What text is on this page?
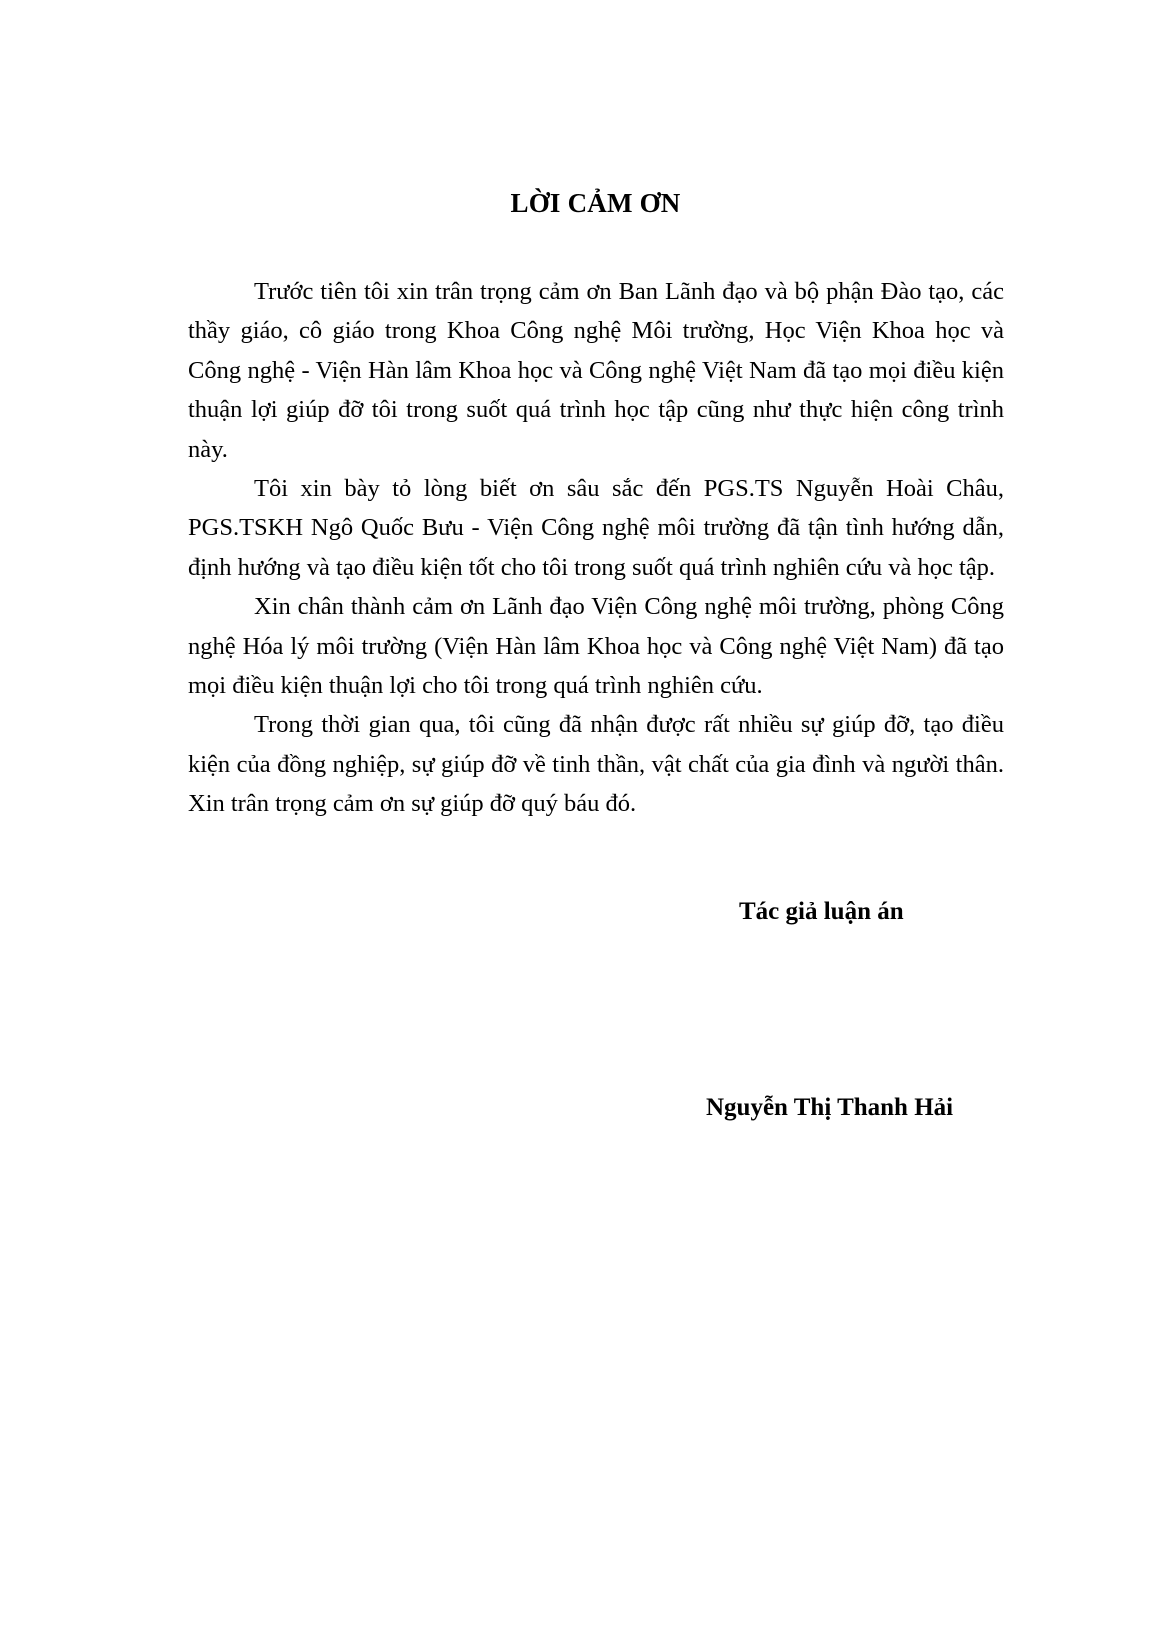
LỜI CẢM ƠN

Trước tiên tôi xin trân trọng cảm ơn Ban Lãnh đạo và bộ phận Đào tạo, các thầy giáo, cô giáo trong Khoa Công nghệ Môi trường, Học Viện Khoa học và Công nghệ - Viện Hàn lâm Khoa học và Công nghệ Việt Nam đã tạo mọi điều kiện thuận lợi giúp đỡ tôi trong suốt quá trình học tập cũng như thực hiện công trình này.

Tôi xin bày tỏ lòng biết ơn sâu sắc đến PGS.TS Nguyễn Hoài Châu, PGS.TSKH Ngô Quốc Bưu - Viện Công nghệ môi trường đã tận tình hướng dẫn, định hướng và tạo điều kiện tốt cho tôi trong suốt quá trình nghiên cứu và học tập.

Xin chân thành cảm ơn Lãnh đạo Viện Công nghệ môi trường, phòng Công nghệ Hóa lý môi trường (Viện Hàn lâm Khoa học và Công nghệ Việt Nam) đã tạo mọi điều kiện thuận lợi cho tôi trong quá trình nghiên cứu.

Trong thời gian qua, tôi cũng đã nhận được rất nhiều sự giúp đỡ, tạo điều kiện của đồng nghiệp, sự giúp đỡ về tinh thần, vật chất của gia đình và người thân. Xin trân trọng cảm ơn sự giúp đỡ quý báu đó.

Tác giả luận án

Nguyễn Thị Thanh Hải
